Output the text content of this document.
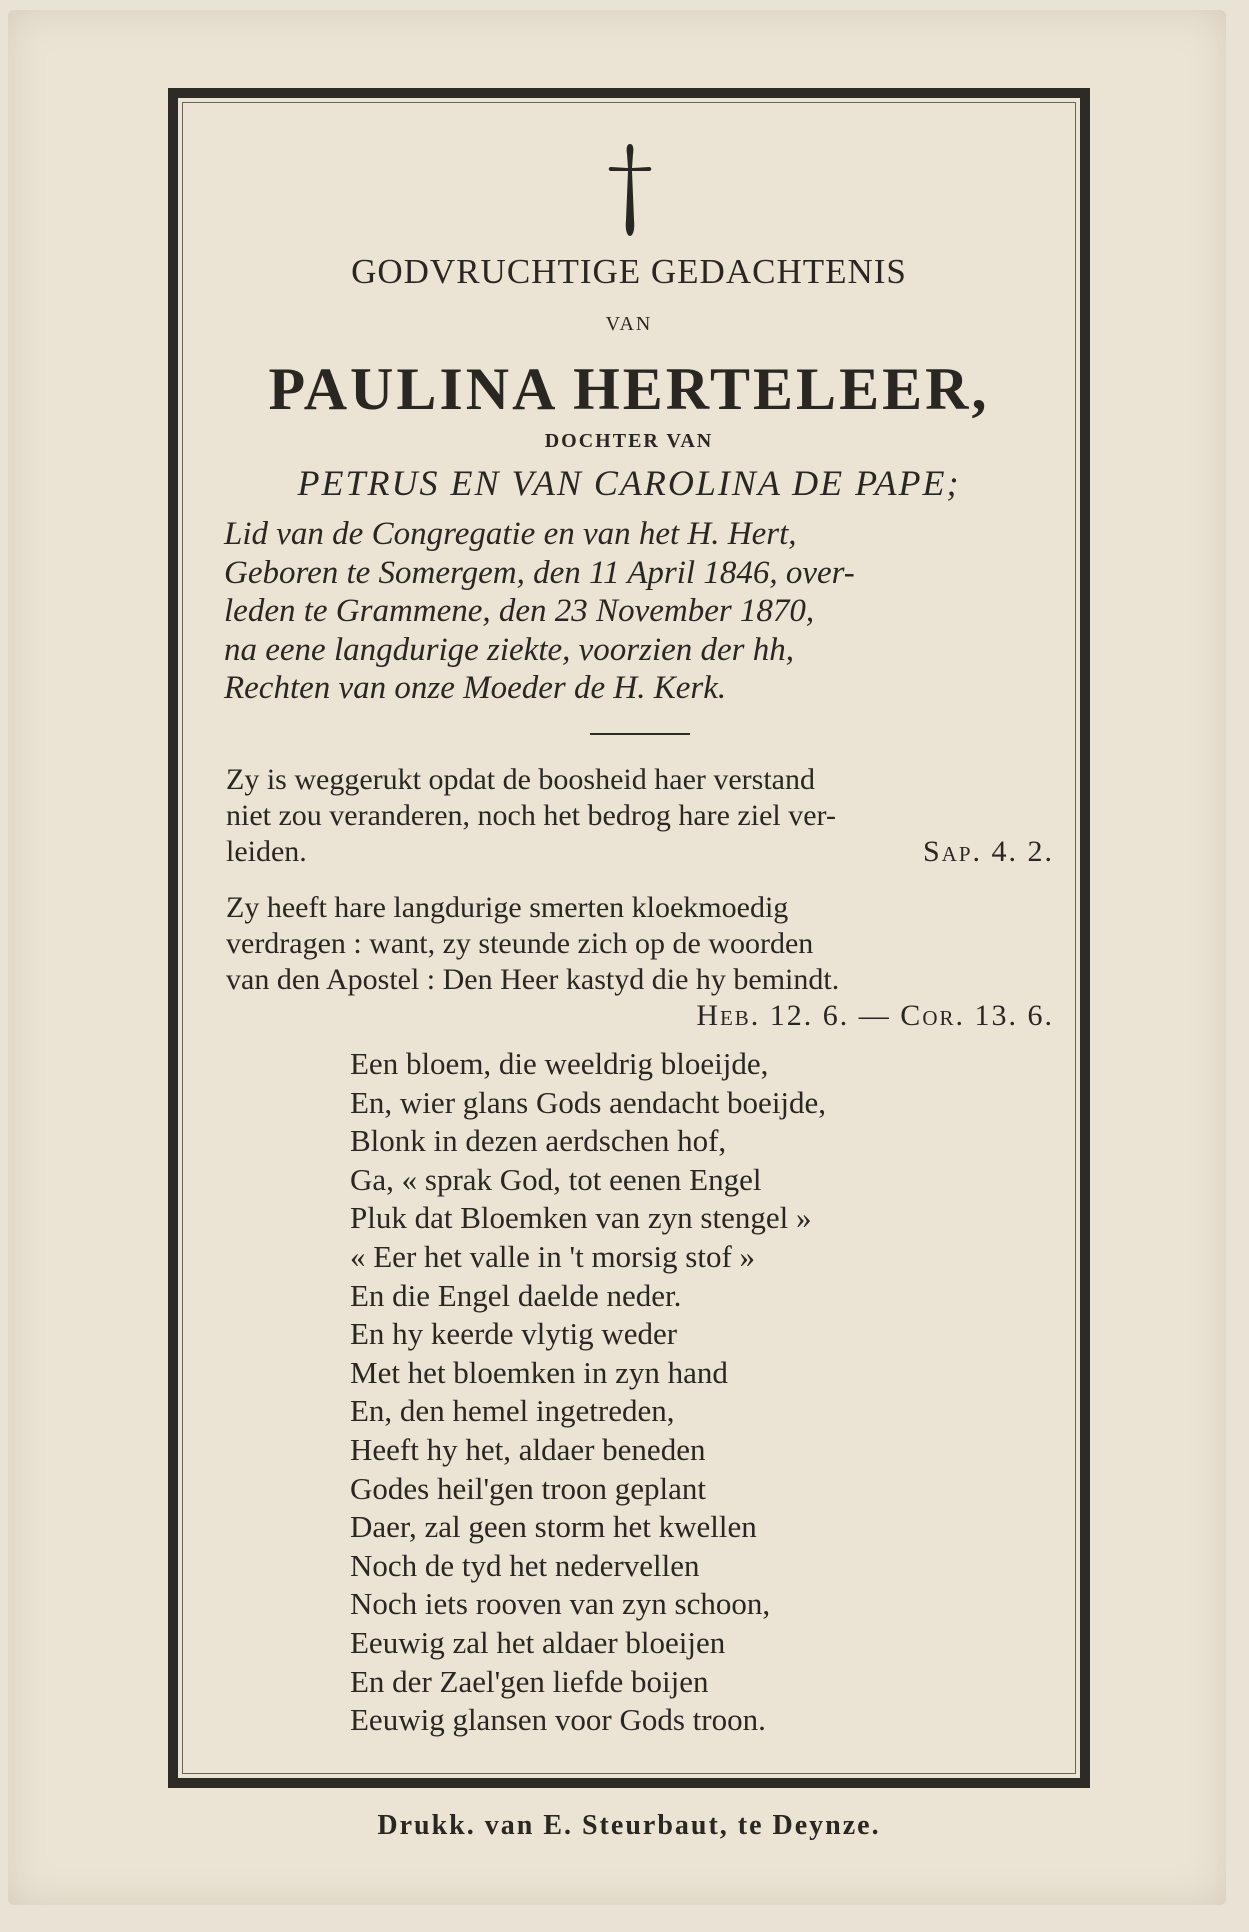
GODVRUCHTIGE GEDACHTENIS
VAN
PAULINA HERTELEER,
DOCHTER VAN
PETRUS EN VAN CAROLINA DE PAPE;
Lid van de Congregatie en van het H. Hert,
Geboren te Somergem, den 11 April 1846, over-
leden te Grammene, den 23 November 1870,
na eene langdurige ziekte, voorzien der hh,
Rechten van onze Moeder de H. Kerk.
Zy is weggerukt opdat de boosheid haer verstand
niet zou veranderen, noch het bedrog hare ziel ver-
leiden.	Sap. 4. 2.
Zy heeft hare langdurige smerten kloekmoedig
verdragen : want, zy steunde zich op de woorden
van den Apostel : Den Heer kastyd die hy bemindt.
Heb. 12. 6. — Cor. 13. 6.
Een bloem, die weeldrig bloeijde,
En, wier glans Gods aendacht boeijde,
Blonk in dezen aerdschen hof,
Ga, « sprak God, tot eenen Engel
Pluk dat Bloemken van zyn stengel »
« Eer het valle in 't morsig stof »
En die Engel daelde neder.
En hy keerde vlytig weder
Met het bloemken in zyn hand
En, den hemel ingetreden,
Heeft hy het, aldaer beneden
Godes heil'gen troon geplant
Daer, zal geen storm het kwellen
Noch de tyd het nedervellen
Noch iets rooven van zyn schoon,
Eeuwig zal het aldaer bloeijen
En der Zael'gen liefde boijen
Eeuwig glansen voor Gods troon.
Drukk. van E. Steurbaut, te Deynze.
